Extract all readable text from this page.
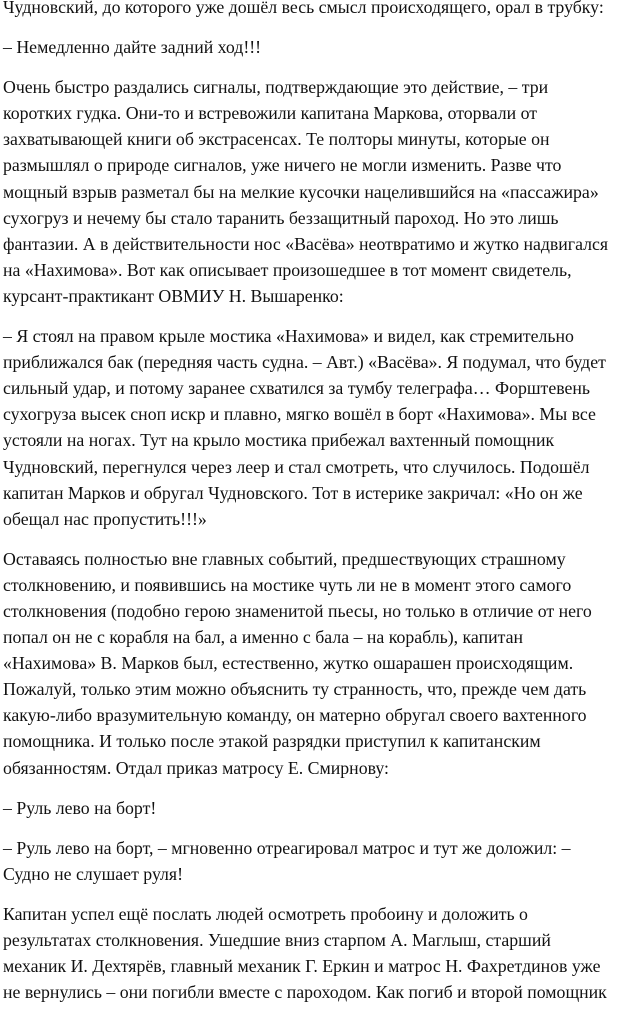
Чудновский, до которого уже дошёл весь смысл происходящего, орал в трубку:

– Немедленно дайте задний ход!!!

Очень быстро раздались сигналы, подтверждающие это действие, – три
коротких гудка. Они-то и встревожили капитана Маркова, оторвали от
захватывающей книги об экстрасенсах. Те полторы минуты, которые он
размышлял о природе сигналов, уже ничего не могли изменить. Разве что
мощный взрыв разметал бы на мелкие кусочки нацелившийся на «пассажира»
сухогруз и нечему бы стало таранить беззащитный пароход. Но это лишь
фантазии. А в действительности нос «Васёва» неотвратимо и жутко надвигался
на «Нахимова». Вот как описывает произошедшее в тот момент свидетель,
курсант-практикант ОВМИУ Н. Вышаренко:

– Я стоял на правом крыле мостика «Нахимова» и видел, как стремительно
приближался бак (передняя часть судна. – Авт.) «Васёва». Я подумал, что будет
сильный удар, и потому заранее схватился за тумбу телеграфа… Форштевень
сухогруза высек сноп искр и плавно, мягко вошёл в борт «Нахимова». Мы все
устояли на ногах. Тут на крыло мостика прибежал вахтенный помощник
Чудновский, перегнулся через леер и стал смотреть, что случилось. Подошёл
капитан Марков и обругал Чудновского. Тот в истерике закричал: «Но он же
обещал нас пропустить!!!»

Оставаясь полностью вне главных событий, предшествующих страшному
столкновению, и появившись на мостике чуть ли не в момент этого самого
столкновения (подобно герою знаменитой пьесы, но только в отличие от него
попал он не с корабля на бал, а именно с бала – на корабль), капитан
«Нахимова» В. Марков был, естественно, жутко ошарашен происходящим.
Пожалуй, только этим можно объяснить ту странность, что, прежде чем дать
какую-либо вразумительную команду, он матерно обругал своего вахтенного
помощника. И только после этакой разрядки приступил к капитанским
обязанностям. Отдал приказ матросу Е. Смирнову:

– Руль лево на борт!

– Руль лево на борт, – мгновенно отреагировал матрос и тут же доложил: –
Судно не слушает руля!

Капитан успел ещё послать людей осмотреть пробоину и доложить о
результатах столкновения. Ушедшие вниз старпом А. Маглыш, старший
механик И. Дехтярёв, главный механик Г. Еркин и матрос Н. Фахретдинов уже
не вернулись – они погибли вместе с пароходом. Как погиб и второй помощник
